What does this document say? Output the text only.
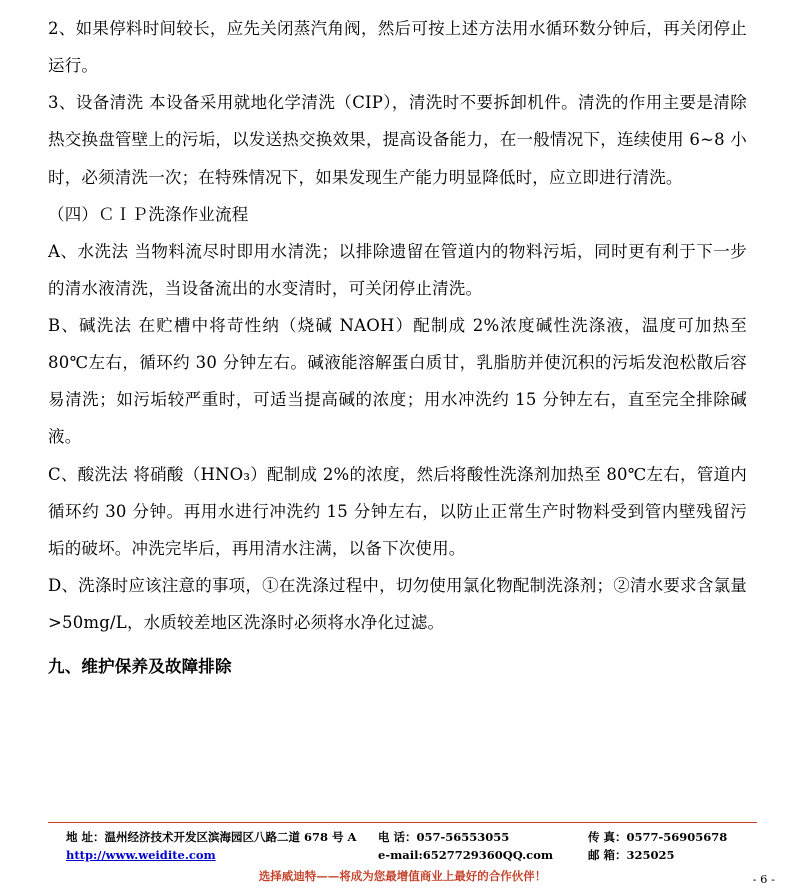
2、如果停料时间较长，应先关闭蒸汽角阀，然后可按上述方法用水循环数分钟后，再关闭停止运行。

3、设备清洗 本设备采用就地化学清洗（CIP），清洗时不要拆卸机件。清洗的作用主要是清除热交换盘管壁上的污垢，以发送热交换效果，提高设备能力，在一般情况下，连续使用 6~8 小时，必须清洗一次；在特殊情况下，如果发现生产能力明显降低时，应立即进行清洗。

（四）ＣＩＰ洗涤作业流程

A、水洗法 当物料流尽时即用水清洗；以排除遗留在管道内的物料污垢，同时更有利于下一步的清水液清洗，当设备流出的水变清时，可关闭停止清洗。

B、碱洗法 在贮槽中将苛性纳（烧碱 NAOH）配制成 2%浓度碱性洗涤液，温度可加热至 80℃左右，循环约 30 分钟左右。碱液能溶解蛋白质甘，乳脂肪并使沉积的污垢发泡松散后容易清洗；如污垢较严重时，可适当提高碱的浓度；用水冲洗约 15 分钟左右，直至完全排除碱液。

C、酸洗法 将硝酸（HNO₃）配制成 2%的浓度，然后将酸性洗涤剂加热至 80℃左右，管道内循环约 30 分钟。再用水进行冲洗约 15 分钟左右，以防止正常生产时物料受到管内壁残留污垢的破坏。冲洗完毕后，再用清水注满，以备下次使用。

D、洗涤时应该注意的事项，①在洗涤过程中，切勿使用氯化物配制洗涤剂；②清水要求含氯量>50mg/L，水质较差地区洗涤时必须将水净化过滤。

九、维护保养及故障排除

地 址：温州经济技术开发区滨海园区八路二道 678 号 A	电 话：057-56553055	传 真：0577-56905678
http://www.weidite.com	e-mail:6527729360QQ.com	邮 箱：325025
选择威迪特——将成为您最增值商业上最好的合作伙伴！	- 6 -
